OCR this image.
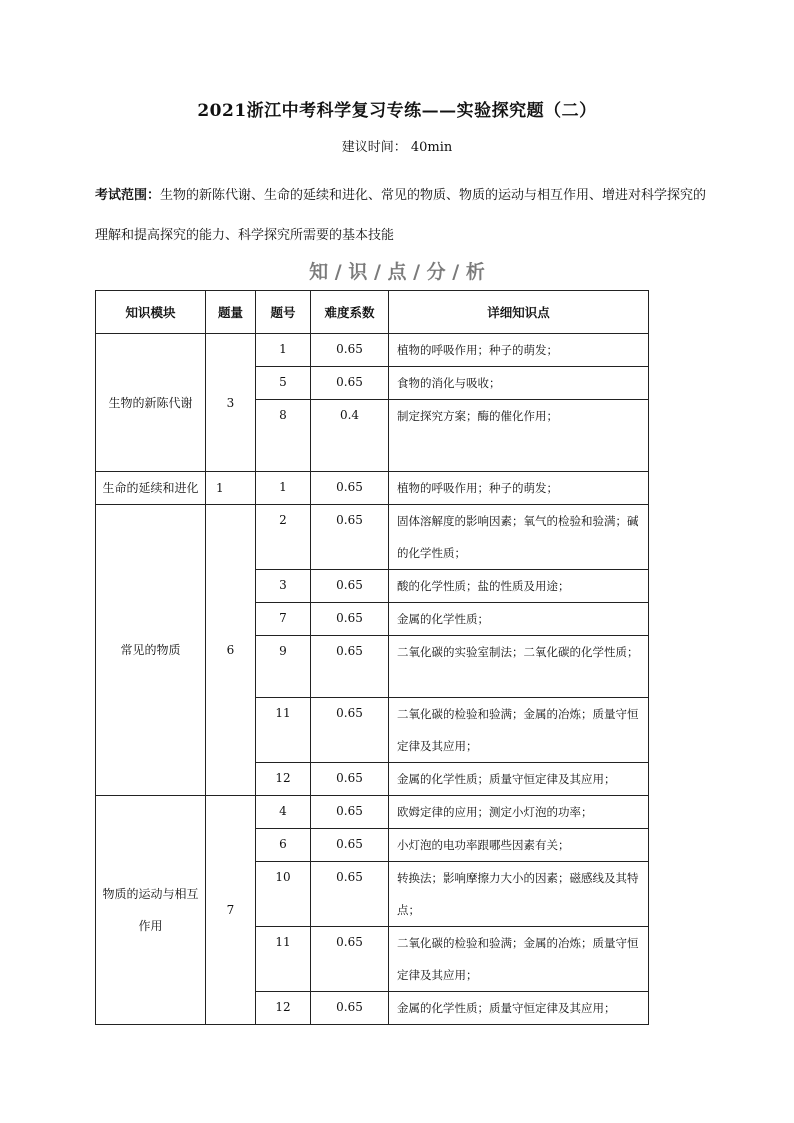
2021浙江中考科学复习专练——实验探究题（二）
建议时间： 40min
考试范围：生物的新陈代谢、生命的延续和进化、常见的物质、物质的运动与相互作用、增进对科学探究的理解和提高探究的能力、科学探究所需要的基本技能
知 / 识 / 点 / 分 / 析
知识模块	题量	题号	难度系数	详细知识点
生物的新陈代谢	3	1	0.65	植物的呼吸作用；种子的萌发；

		5	0.65	食物的消化与吸收；

		8	0.4	制定探究方案；酶的催化作用；

生命的延续和进化	1	1	0.65	植物的呼吸作用；种子的萌发；

常见的物质	6	2	0.65	固体溶解度的影响因素；氧气的检验和验满；碱的化学性质；

		3	0.65	酸的化学性质；盐的性质及用途；

		7	0.65	金属的化学性质；

		9	0.65	二氧化碳的实验室制法；二氧化碳的化学性质；

		11	0.65	二氧化碳的检验和验满；金属的冶炼；质量守恒定律及其应用；

		12	0.65	金属的化学性质；质量守恒定律及其应用；

物质的运动与相互作用	7	4	0.65	欧姆定律的应用；测定小灯泡的功率；

		6	0.65	小灯泡的电功率跟哪些因素有关；

		10	0.65	转换法；影响摩擦力大小的因素；磁感线及其特点；

		11	0.65	二氧化碳的检验和验满；金属的冶炼；质量守恒定律及其应用；

		12	0.65	金属的化学性质；质量守恒定律及其应用；
